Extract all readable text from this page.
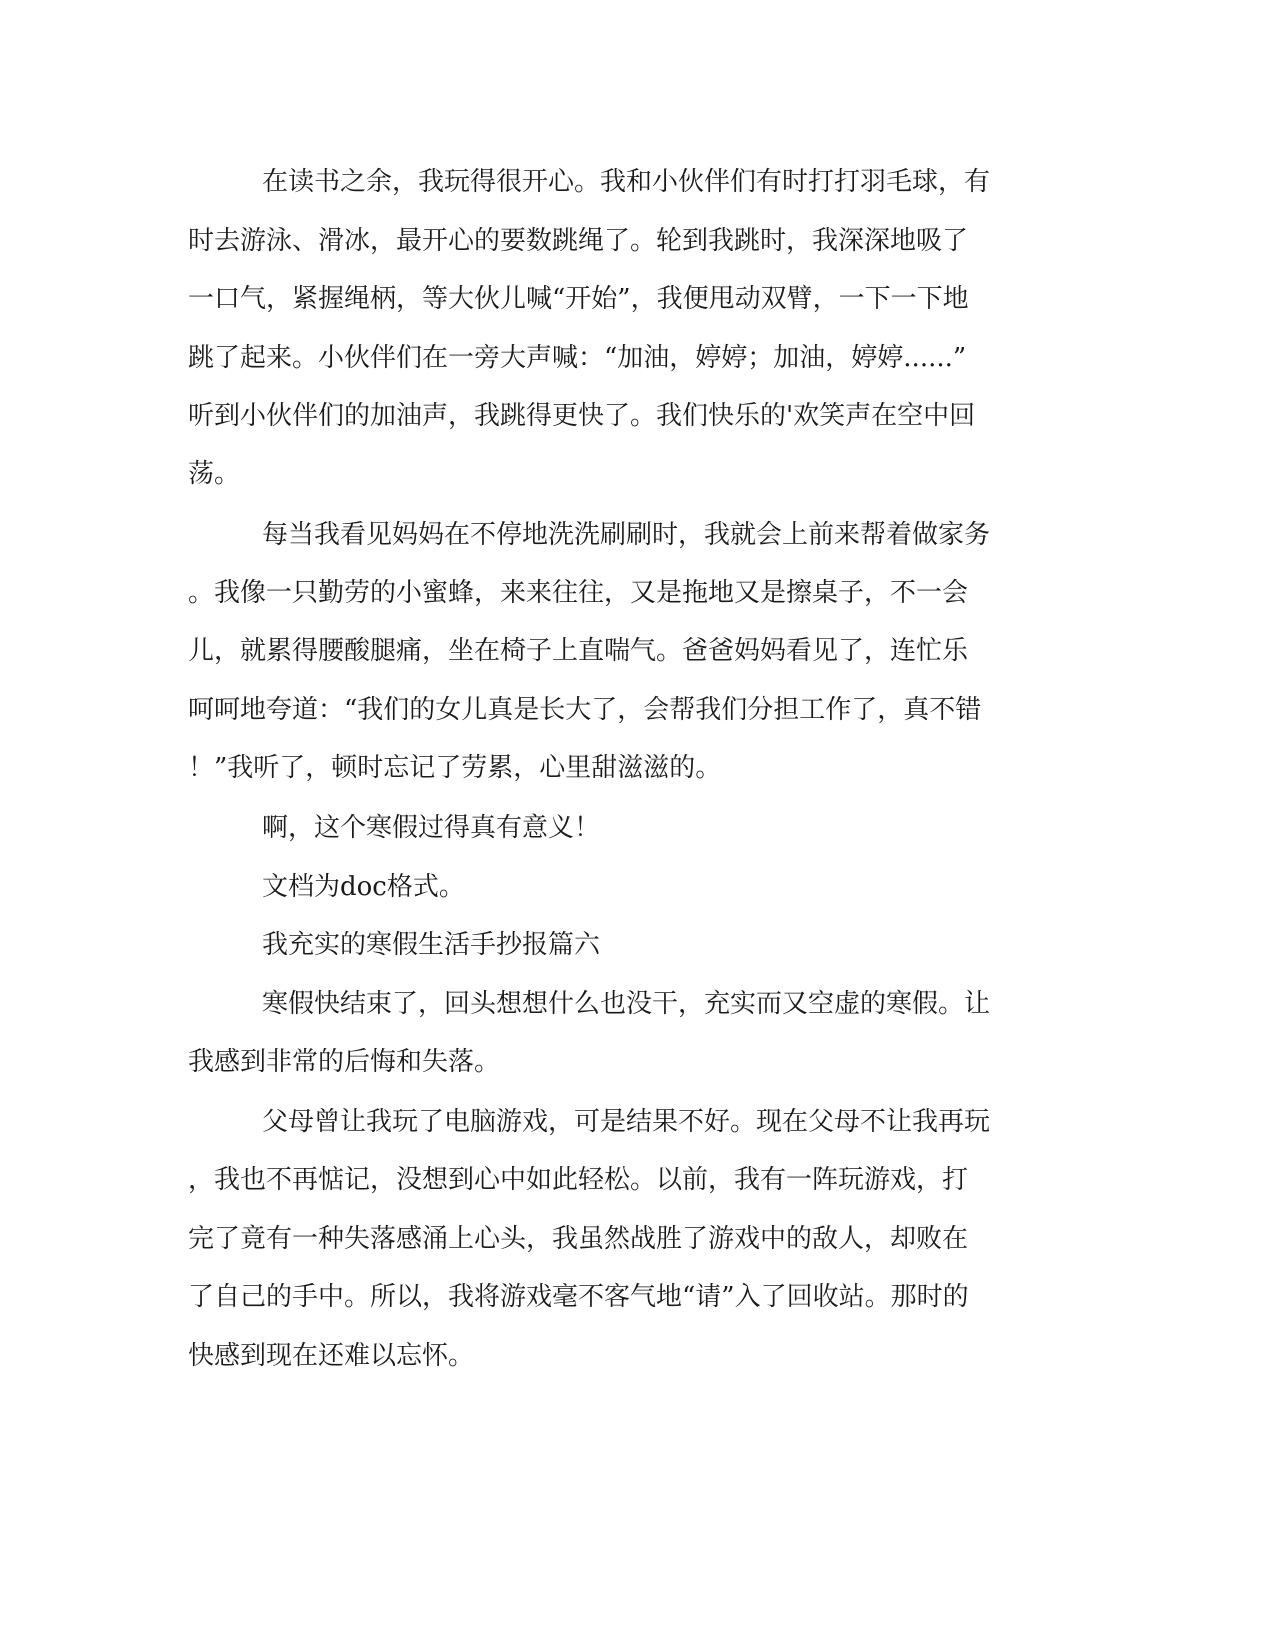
在读书之余，我玩得很开心。我和小伙伴们有时打打羽毛球，有

时去游泳、滑冰，最开心的要数跳绳了。轮到我跳时，我深深地吸了

一口气，紧握绳柄，等大伙儿喊“开始”，我便甩动双臂，一下一下地

跳了起来。小伙伴们在一旁大声喊：“加油，婷婷；加油，婷婷......”

听到小伙伴们的加油声，我跳得更快了。我们快乐的'欢笑声在空中回

荡。

每当我看见妈妈在不停地洗洗刷刷时，我就会上前来帮着做家务

。我像一只勤劳的小蜜蜂，来来往往，又是拖地又是擦桌子，不一会

儿，就累得腰酸腿痛，坐在椅子上直喘气。爸爸妈妈看见了，连忙乐

呵呵地夸道：“我们的女儿真是长大了，会帮我们分担工作了，真不错

！”我听了，顿时忘记了劳累，心里甜滋滋的。

啊，这个寒假过得真有意义！

文档为doc格式。

我充实的寒假生活手抄报篇六

寒假快结束了，回头想想什么也没干，充实而又空虚的寒假。让

我感到非常的后悔和失落。

父母曾让我玩了电脑游戏，可是结果不好。现在父母不让我再玩

，我也不再惦记，没想到心中如此轻松。以前，我有一阵玩游戏，打

完了竟有一种失落感涌上心头，我虽然战胜了游戏中的敌人，却败在

了自己的手中。所以，我将游戏毫不客气地“请”入了回收站。那时的

快感到现在还难以忘怀。
